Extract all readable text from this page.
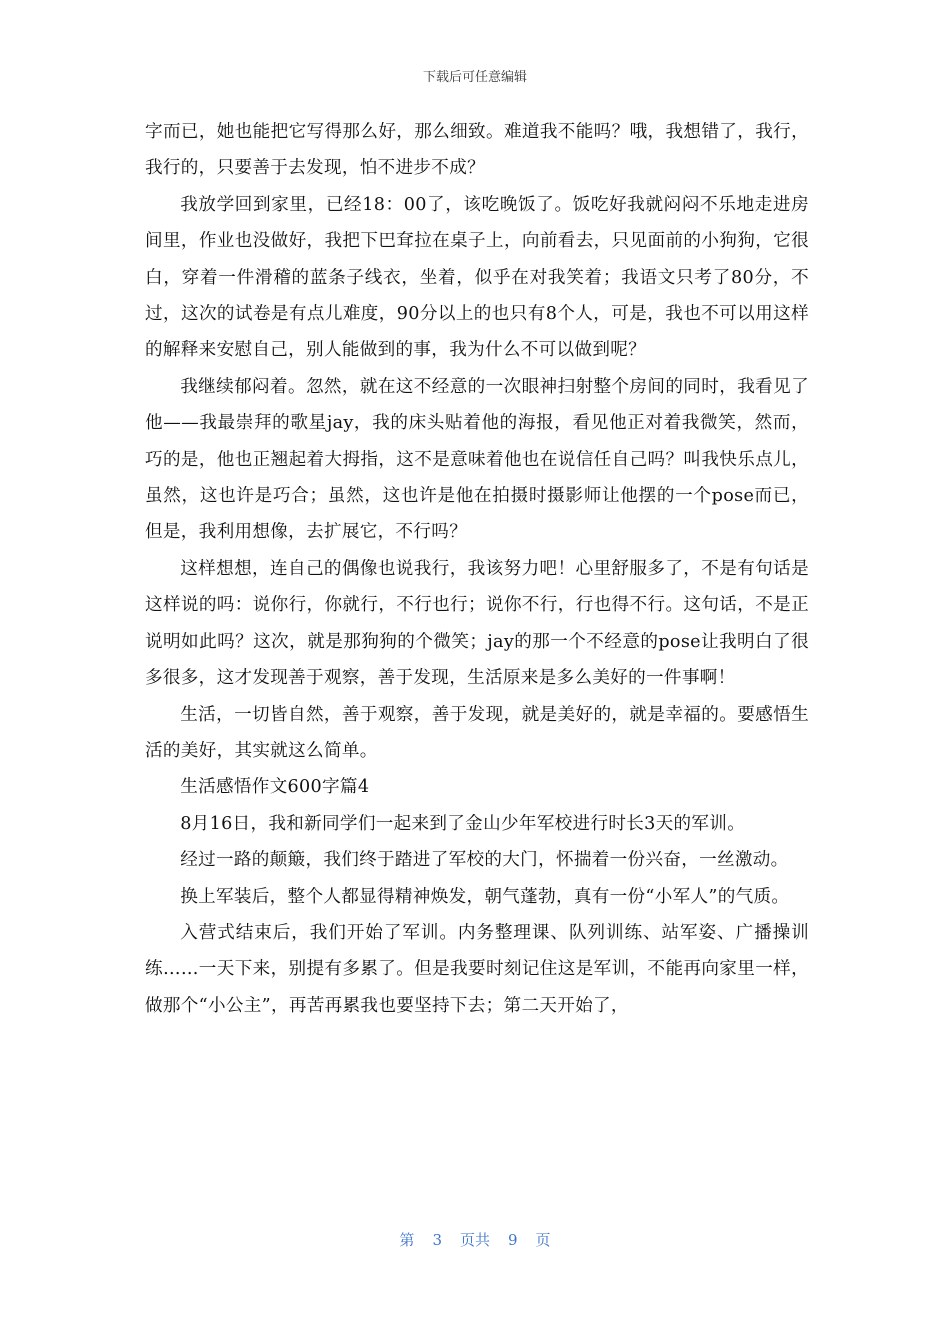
下载后可任意编辑

字而已，她也能把它写得那么好，那么细致。难道我不能吗？哦，我想错了，我行，我行的，只要善于去发现，怕不进步不成？

我放学回到家里，已经18：00了，该吃晚饭了。饭吃好我就闷闷不乐地走进房间里，作业也没做好，我把下巴耷拉在桌子上，向前看去，只见面前的小狗狗，它很白，穿着一件滑稽的蓝条子线衣，坐着，似乎在对我笑着；我语文只考了80分，不过，这次的试卷是有点儿难度，90分以上的也只有8个人，可是，我也不可以用这样的解释来安慰自己，别人能做到的事，我为什么不可以做到呢？

我继续郁闷着。忽然，就在这不经意的一次眼神扫射整个房间的同时，我看见了他——我最崇拜的歌星jay，我的床头贴着他的海报，看见他正对着我微笑，然而，巧的是，他也正翘起着大拇指，这不是意味着他也在说信任自己吗？叫我快乐点儿，虽然，这也许是巧合；虽然，这也许是他在拍摄时摄影师让他摆的一个pose而已，但是，我利用想像，去扩展它，不行吗？

这样想想，连自己的偶像也说我行，我该努力吧！心里舒服多了，不是有句话是这样说的吗：说你行，你就行，不行也行；说你不行，行也得不行。这句话，不是正说明如此吗？这次，就是那狗狗的个微笑；jay的那一个不经意的pose让我明白了很多很多，这才发现善于观察，善于发现，生活原来是多么美好的一件事啊！

生活，一切皆自然，善于观察，善于发现，就是美好的，就是幸福的。要感悟生活的美好，其实就这么简单。

生活感悟作文600字篇4

8月16日，我和新同学们一起来到了金山少年军校进行时长3天的军训。

经过一路的颠簸，我们终于踏进了军校的大门，怀揣着一份兴奋，一丝激动。

换上军装后，整个人都显得精神焕发，朝气蓬勃，真有一份“小军人”的气质。

入营式结束后，我们开始了军训。内务整理课、队列训练、站军姿、广播操训练……一天下来，别提有多累了。但是我要时刻记住这是军训，不能再向家里一样，做那个“小公主”，再苦再累我也要坚持下去；第二天开始了，

第 3 页共 9 页
